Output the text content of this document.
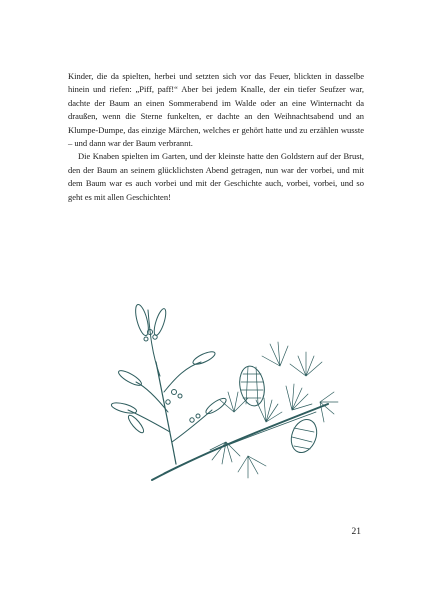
Kinder, die da spielten, herbei und setzten sich vor das Feuer, blickten in dasselbe hinein und riefen: „Piff, paff!“ Aber bei jedem Knalle, der ein tiefer Seufzer war, dachte der Baum an einen Sommerabend im Walde oder an eine Winternacht da draußen, wenn die Sterne funkelten, er dachte an den Weihnachtsabend und an Klumpe-Dumpe, das einzige Märchen, welches er gehört hatte und zu erzählen wusste – und dann war der Baum verbrannt.

Die Knaben spielten im Garten, und der kleinste hatte den Goldstern auf der Brust, den der Baum an seinem glücklichsten Abend getragen, nun war der vorbei, und mit dem Baum war es auch vorbei und mit der Geschichte auch, vorbei, vorbei, und so geht es mit allen Geschichten!

21
